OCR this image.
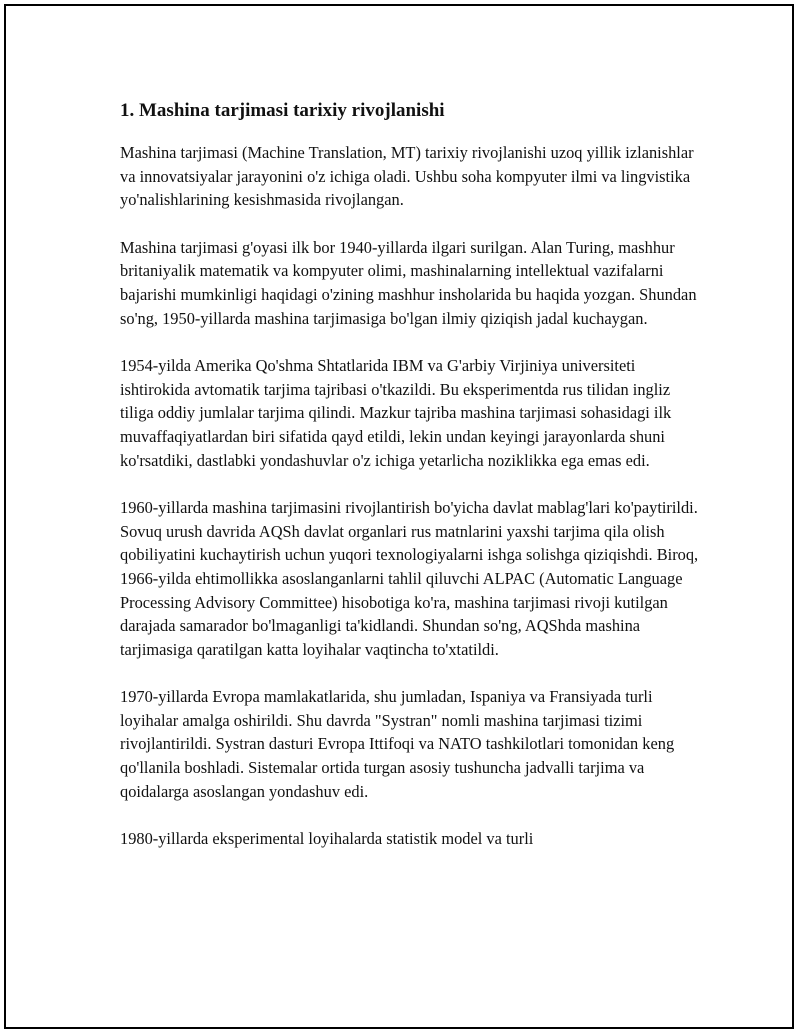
1. Mashina tarjimasi tarixiy rivojlanishi

Mashina tarjimasi (Machine Translation, MT) tarixiy rivojlanishi uzoq yillik izlanishlar va innovatsiyalar jarayonini o'z ichiga oladi. Ushbu soha kompyuter ilmi va lingvistika yo'nalishlarining kesishmasida rivojlangan.

Mashina tarjimasi g'oyasi ilk bor 1940-yillarda ilgari surilgan. Alan Turing, mashhur britaniyalik matematik va kompyuter olimi, mashinalarning intellektual vazifalarni bajarishi mumkinligi haqidagi o'zining mashhur insholarida bu haqida yozgan. Shundan so'ng, 1950-yillarda mashina tarjimasiga bo'lgan ilmiy qiziqish jadal kuchaygan.

1954-yilda Amerika Qo'shma Shtatlarida IBM va G'arbiy Virjiniya universiteti ishtirokida avtomatik tarjima tajribasi o'tkazildi. Bu eksperimentda rus tilidan ingliz tiliga oddiy jumlalar tarjima qilindi. Mazkur tajriba mashina tarjimasi sohasidagi ilk muvaffaqiyatlardan biri sifatida qayd etildi, lekin undan keyingi jarayonlarda shuni ko'rsatdiki, dastlabki yondashuvlar o'z ichiga yetarlicha noziklikka ega emas edi.

1960-yillarda mashina tarjimasini rivojlantirish bo'yicha davlat mablag'lari ko'paytirildi. Sovuq urush davrida AQSh davlat organlari rus matnlarini yaxshi tarjima qila olish qobiliyatini kuchaytirish uchun yuqori texnologiyalarni ishga solishga qiziqishdi. Biroq, 1966-yilda ehtimollikka asoslanganlarni tahlil qiluvchi ALPAC (Automatic Language Processing Advisory Committee) hisobotiga ko'ra, mashina tarjimasi rivoji kutilgan darajada samarador bo'lmaganligi ta'kidlandi. Shundan so'ng, AQShda mashina tarjimasiga qaratilgan katta loyihalar vaqtincha to'xtatildi.

1970-yillarda Evropa mamlakatlarida, shu jumladan, Ispaniya va Fransiyada turli loyihalar amalga oshirildi. Shu davrda "Systran" nomli mashina tarjimasi tizimi rivojlantirildi. Systran dasturi Evropa Ittifoqi va NATO tashkilotlari tomonidan keng qo'llanila boshladi. Sistemalar ortida turgan asosiy tushuncha jadvalli tarjima va qoidalarga asoslangan yondashuv edi.

1980-yillarda eksperimental loyihalarda statistik model va turli
